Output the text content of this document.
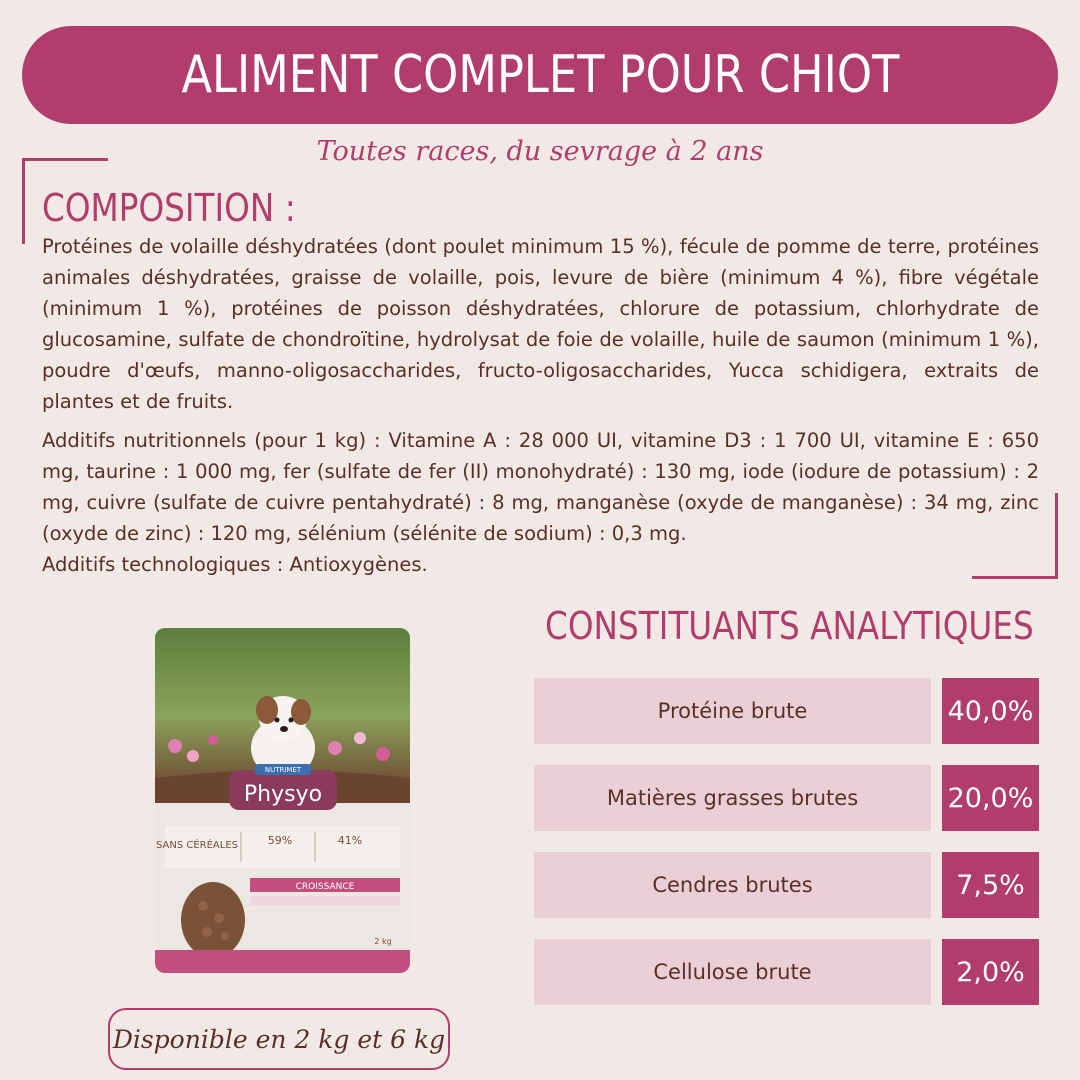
ALIMENT COMPLET POUR CHIOT
Toutes races, du sevrage à 2 ans
COMPOSITION :

Protéines de volaille déshydratées (dont poulet minimum 15 %), fécule de pomme de terre, protéines animales déshydratées, graisse de volaille, pois, levure de bière (minimum 4 %), fibre végétale (minimum 1 %), protéines de poisson déshydratées, chlorure de potassium, chlorhydrate de glucosamine, sulfate de chondroïtine, hydrolysat de foie de volaille, huile de saumon (minimum 1 %), poudre d'œufs, manno-oligosaccharides, fructo-oligosaccharides, Yucca schidigera, extraits de plantes et de fruits.

Additifs nutritionnels (pour 1 kg) : Vitamine A : 28 000 UI, vitamine D3 : 1 700 UI, vitamine E : 650 mg, taurine : 1 000 mg, fer (sulfate de fer (II) monohydraté) : 130 mg, iode (iodure de potassium) : 2 mg, cuivre (sulfate de cuivre pentahydraté) : 8 mg, manganèse (oxyde de manganèse) : 34 mg, zinc (oxyde de zinc) : 120 mg, sélénium (sélénite de sodium) : 0,3 mg.

Additifs technologiques : Antioxygènes.

CONSTITUANTS ANALYTIQUES
Protéine brute	40,0%
Matières grasses brutes	20,0%
Cendres brutes	7,5%
Cellulose brute	2,0%
NUTRIMET
Physyo
SANS CÉRÉALES	59%	41%
CROISSANCE
2 kg
Disponible en 2 kg et 6 kg
